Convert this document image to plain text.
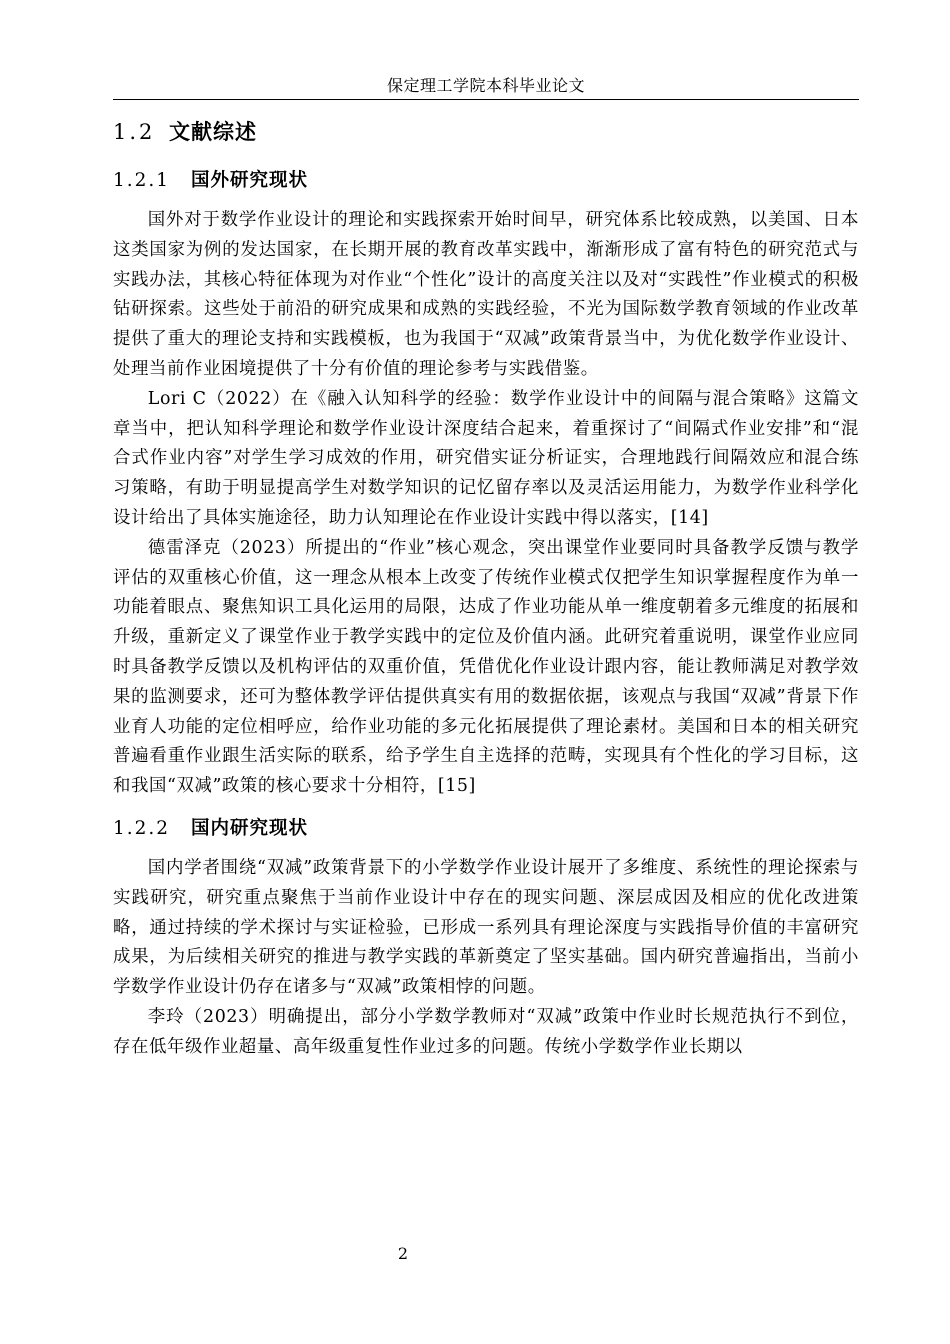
保定理工学院本科毕业论文
1.2 文献综述
1.2.1	国外研究现状

国外对于数学作业设计的理论和实践探索开始时间早，研究体系比较成熟，以美国、日本这类国家为例的发达国家，在长期开展的教育改革实践中，渐渐形成了富有特色的研究范式与实践办法，其核心特征体现为对作业“个性化”设计的高度关注以及对“实践性”作业模式的积极钻研探索。这些处于前沿的研究成果和成熟的实践经验，不光为国际数学教育领域的作业改革提供了重大的理论支持和实践模板，也为我国于“双减”政策背景当中，为优化数学作业设计、处理当前作业困境提供了十分有价值的理论参考与实践借鉴。

Lori C（2022）在《融入认知科学的经验：数学作业设计中的间隔与混合策略》这篇文章当中，把认知科学理论和数学作业设计深度结合起来，着重探讨了“间隔式作业安排”和“混合式作业内容”对学生学习成效的作用，研究借实证分析证实，合理地践行间隔效应和混合练习策略，有助于明显提高学生对数学知识的记忆留存率以及灵活运用能力，为数学作业科学化设计给出了具体实施途径，助力认知理论在作业设计实践中得以落实，[14]

德雷泽克（2023）所提出的“作业”核心观念，突出课堂作业要同时具备教学反馈与教学评估的双重核心价值，这一理念从根本上改变了传统作业模式仅把学生知识掌握程度作为单一功能着眼点、聚焦知识工具化运用的局限，达成了作业功能从单一维度朝着多元维度的拓展和升级，重新定义了课堂作业于教学实践中的定位及价值内涵。此研究着重说明，课堂作业应同时具备教学反馈以及机构评估的双重价值，凭借优化作业设计跟内容，能让教师满足对教学效果的监测要求，还可为整体教学评估提供真实有用的数据依据，该观点与我国“双减”背景下作业育人功能的定位相呼应，给作业功能的多元化拓展提供了理论素材。美国和日本的相关研究普遍看重作业跟生活实际的联系，给予学生自主选择的范畴，实现具有个性化的学习目标，这和我国“双减”政策的核心要求十分相符，[15]

1.2.2	国内研究现状

国内学者围绕“双减”政策背景下的小学数学作业设计展开了多维度、系统性的理论探索与实践研究，研究重点聚焦于当前作业设计中存在的现实问题、深层成因及相应的优化改进策略，通过持续的学术探讨与实证检验，已形成一系列具有理论深度与实践指导价值的丰富研究成果，为后续相关研究的推进与教学实践的革新奠定了坚实基础。国内研究普遍指出，当前小学数学作业设计仍存在诸多与“双减”政策相悖的问题。

李玲（2023）明确提出，部分小学数学教师对“双减”政策中作业时长规范执行不到位，存在低年级作业超量、高年级重复性作业过多的问题。传统小学数学作业长期以

2
